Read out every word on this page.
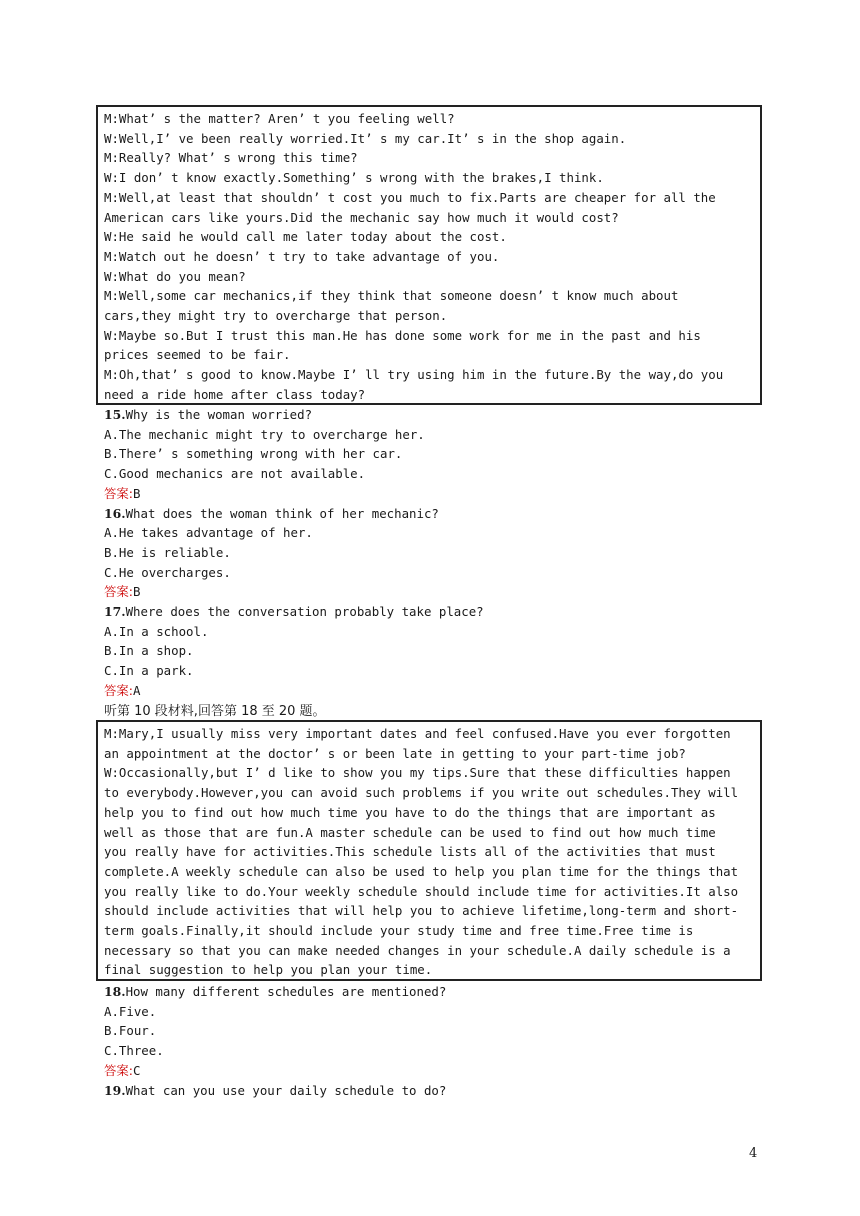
M:What’ s the matter? Aren’ t you feeling well?
W:Well,I’ ve been really worried.It’ s my car.It’ s in the shop again.
M:Really? What’ s wrong this time?
W:I don’ t know exactly.Something’ s wrong with the brakes,I think.
M:Well,at least that shouldn’ t cost you much to fix.Parts are cheaper for all the
American cars like yours.Did the mechanic say how much it would cost?
W:He said he would call me later today about the cost.
M:Watch out he doesn’ t try to take advantage of you.
W:What do you mean?
M:Well,some car mechanics,if they think that someone doesn’ t know much about
cars,they might try to overcharge that person.
W:Maybe so.But I trust this man.He has done some work for me in the past and his
prices seemed to be fair.
M:Oh,that’ s good to know.Maybe I’ ll try using him in the future.By the way,do you
need a ride home after class today?
15.Why is the woman worried?
A.The mechanic might try to overcharge her.
B.There’ s something wrong with her car.
C.Good mechanics are not available.
答案:B
16.What does the woman think of her mechanic?
A.He takes advantage of her.
B.He is reliable.
C.He overcharges.
答案:B
17.Where does the conversation probably take place?
A.In a school.
B.In a shop.
C.In a park.
答案:A
听第 10 段材料,回答第 18 至 20 题。
M:Mary,I usually miss very important dates and feel confused.Have you ever forgotten
an appointment at the doctor’ s or been late in getting to your part-time job?
W:Occasionally,but I’ d like to show you my tips.Sure that these difficulties happen
to everybody.However,you can avoid such problems if you write out schedules.They will
help you to find out how much time you have to do the things that are important as
well as those that are fun.A master schedule can be used to find out how much time
you really have for activities.This schedule lists all of the activities that must
complete.A weekly schedule can also be used to help you plan time for the things that
you really like to do.Your weekly schedule should include time for activities.It also
should include activities that will help you to achieve lifetime,long-term and short-
term goals.Finally,it should include your study time and free time.Free time is
necessary so that you can make needed changes in your schedule.A daily schedule is a
final suggestion to help you plan your time.
18.How many different schedules are mentioned?
A.Five.
B.Four.
C.Three.
答案:C
19.What can you use your daily schedule to do?
4
